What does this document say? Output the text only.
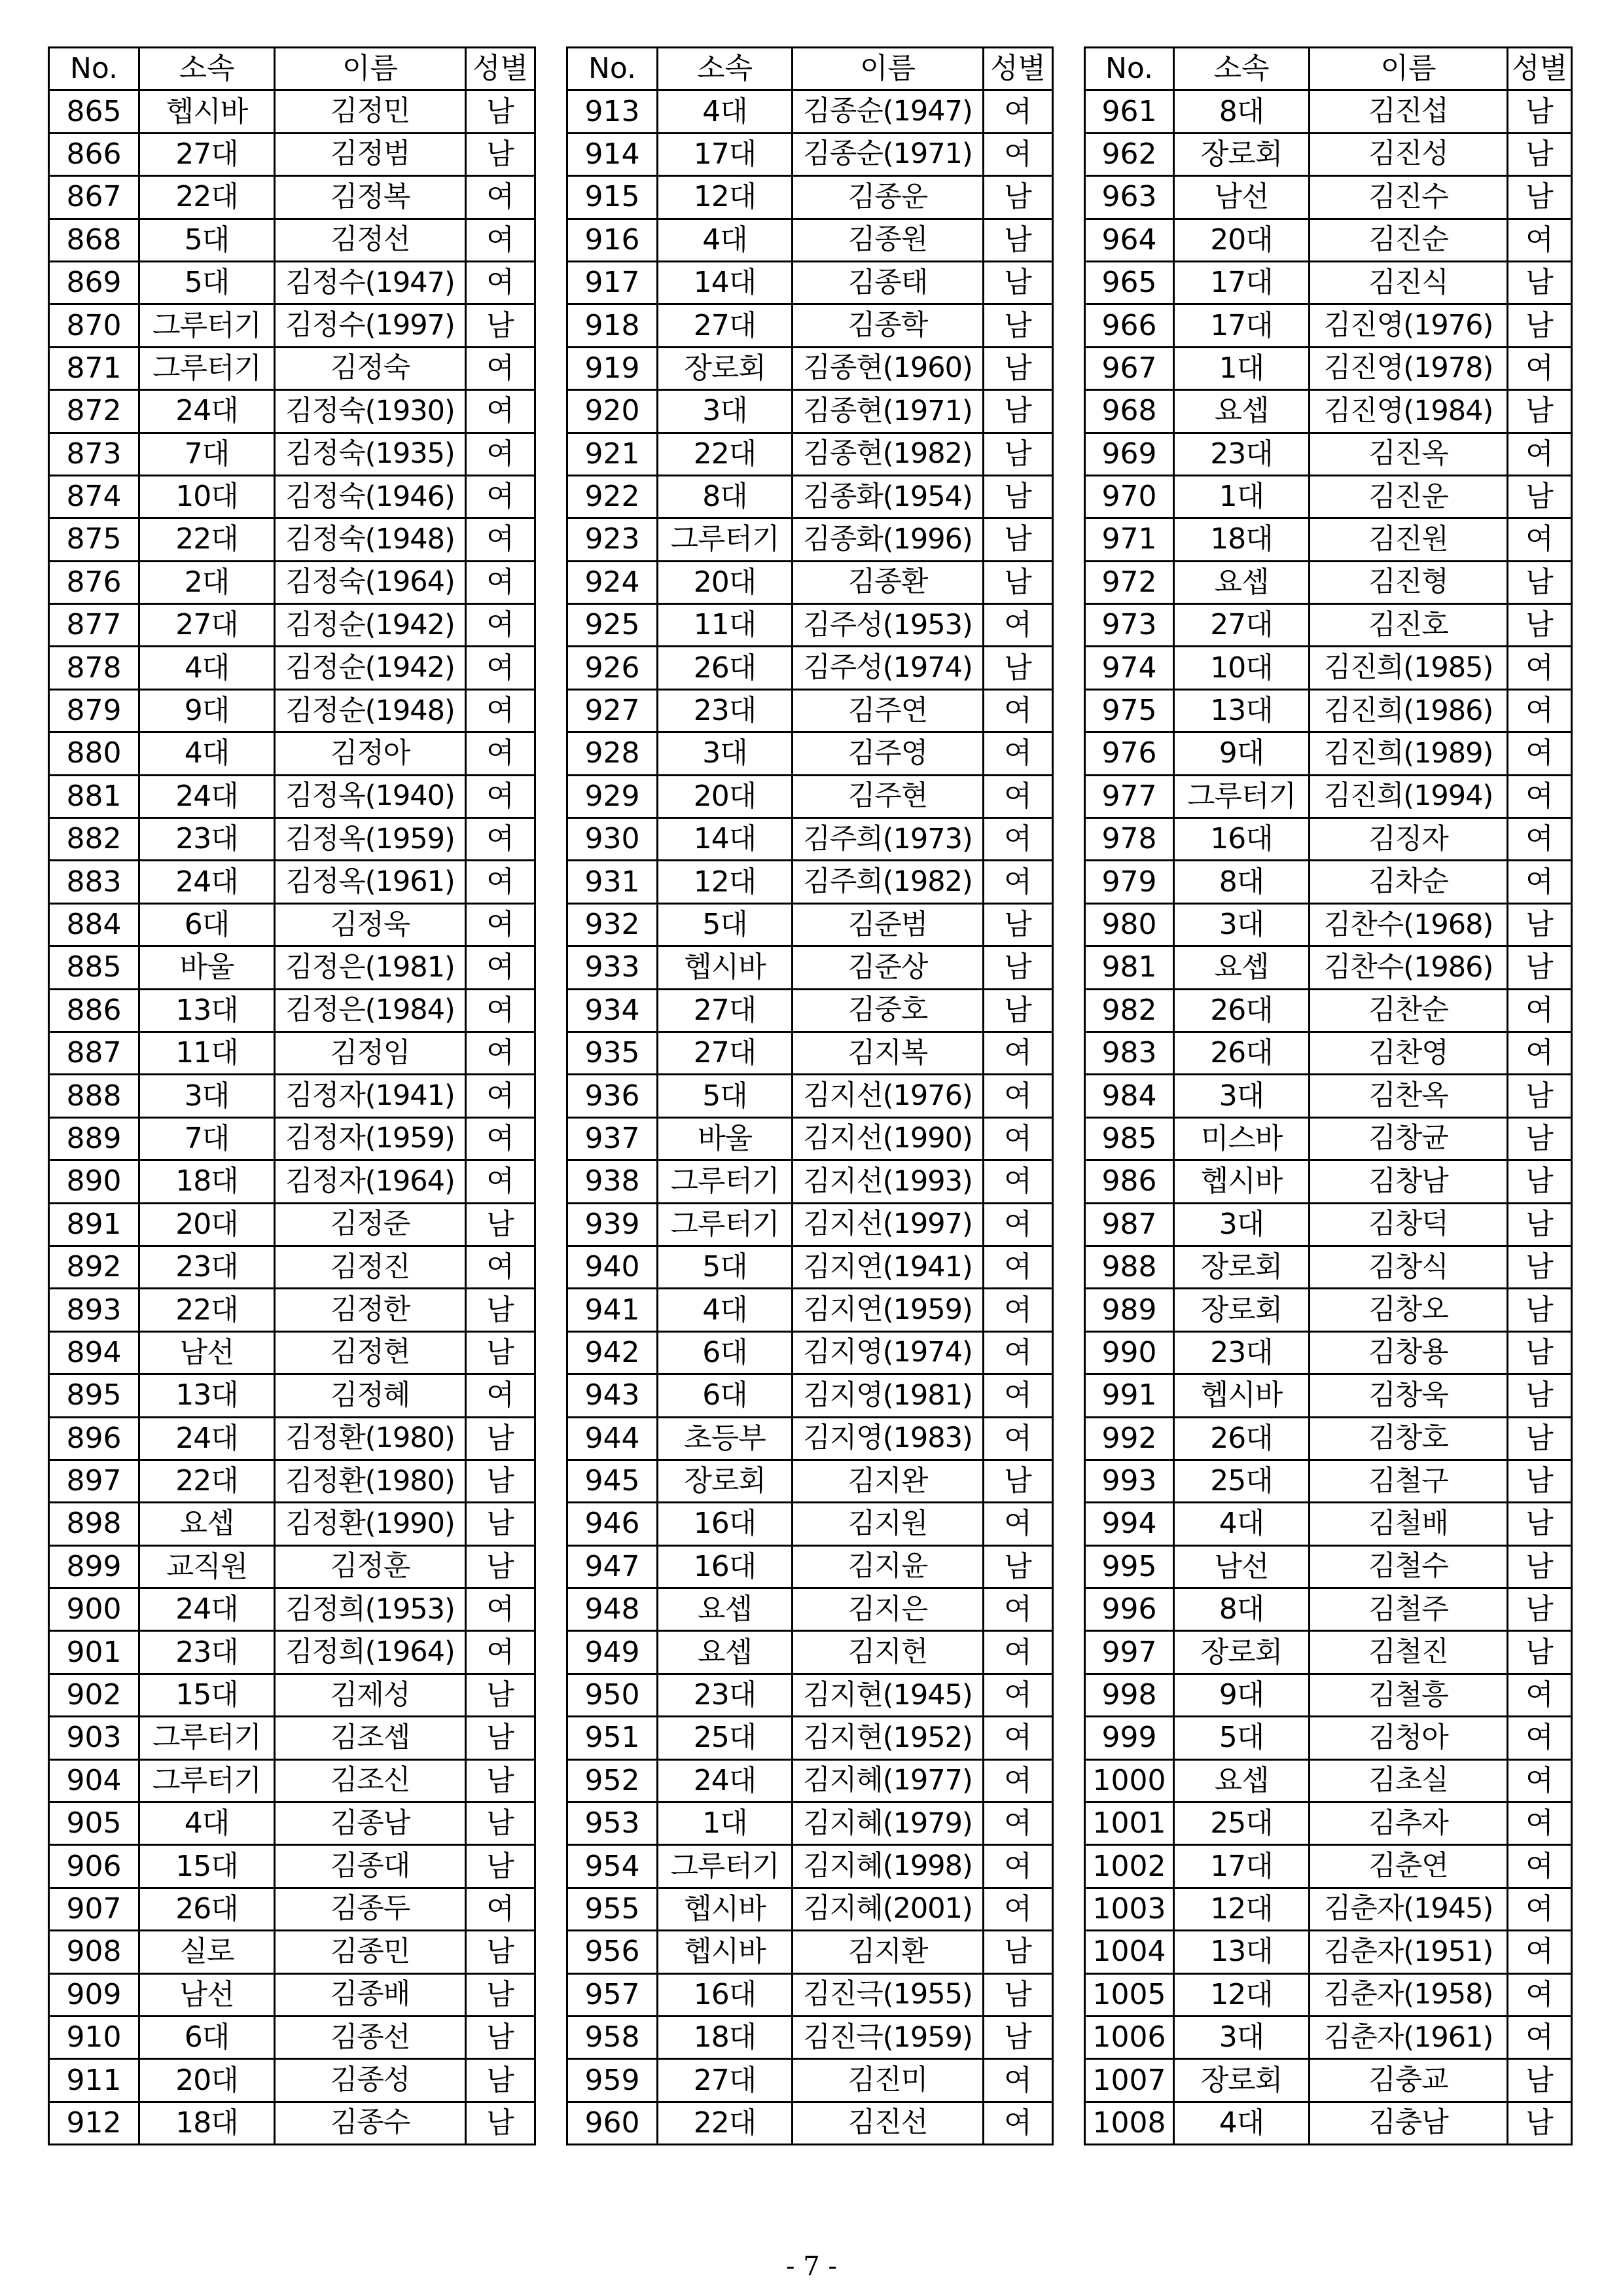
No.	소속	이름	성별
865	헵시바	김정민	남
866	27대	김정범	남
867	22대	김정복	여
868	5대	김정선	여
869	5대	김정수(1947)	여
870	그루터기	김정수(1997)	남
871	그루터기	김정숙	여
872	24대	김정숙(1930)	여
873	7대	김정숙(1935)	여
874	10대	김정숙(1946)	여
875	22대	김정숙(1948)	여
876	2대	김정숙(1964)	여
877	27대	김정순(1942)	여
878	4대	김정순(1942)	여
879	9대	김정순(1948)	여
880	4대	김정아	여
881	24대	김정옥(1940)	여
882	23대	김정옥(1959)	여
883	24대	김정옥(1961)	여
884	6대	김정욱	여
885	바울	김정은(1981)	여
886	13대	김정은(1984)	여
887	11대	김정임	여
888	3대	김정자(1941)	여
889	7대	김정자(1959)	여
890	18대	김정자(1964)	여
891	20대	김정준	남
892	23대	김정진	여
893	22대	김정한	남
894	남선	김정현	남
895	13대	김정혜	여
896	24대	김정환(1980)	남
897	22대	김정환(1980)	남
898	요셉	김정환(1990)	남
899	교직원	김정훈	남
900	24대	김정희(1953)	여
901	23대	김정희(1964)	여
902	15대	김제성	남
903	그루터기	김조셉	남
904	그루터기	김조신	남
905	4대	김종남	남
906	15대	김종대	남
907	26대	김종두	여
908	실로	김종민	남
909	남선	김종배	남
910	6대	김종선	남
911	20대	김종성	남
912	18대	김종수	남
No.	소속	이름	성별
913	4대	김종순(1947)	여
914	17대	김종순(1971)	여
915	12대	김종운	남
916	4대	김종원	남
917	14대	김종태	남
918	27대	김종학	남
919	장로회	김종현(1960)	남
920	3대	김종현(1971)	남
921	22대	김종현(1982)	남
922	8대	김종화(1954)	남
923	그루터기	김종화(1996)	남
924	20대	김종환	남
925	11대	김주성(1953)	여
926	26대	김주성(1974)	남
927	23대	김주연	여
928	3대	김주영	여
929	20대	김주현	여
930	14대	김주희(1973)	여
931	12대	김주희(1982)	여
932	5대	김준범	남
933	헵시바	김준상	남
934	27대	김중호	남
935	27대	김지복	여
936	5대	김지선(1976)	여
937	바울	김지선(1990)	여
938	그루터기	김지선(1993)	여
939	그루터기	김지선(1997)	여
940	5대	김지연(1941)	여
941	4대	김지연(1959)	여
942	6대	김지영(1974)	여
943	6대	김지영(1981)	여
944	초등부	김지영(1983)	여
945	장로회	김지완	남
946	16대	김지원	여
947	16대	김지윤	남
948	요셉	김지은	여
949	요셉	김지헌	여
950	23대	김지현(1945)	여
951	25대	김지현(1952)	여
952	24대	김지혜(1977)	여
953	1대	김지혜(1979)	여
954	그루터기	김지혜(1998)	여
955	헵시바	김지혜(2001)	여
956	헵시바	김지환	남
957	16대	김진극(1955)	남
958	18대	김진극(1959)	남
959	27대	김진미	여
960	22대	김진선	여
No.	소속	이름	성별
961	8대	김진섭	남
962	장로회	김진성	남
963	남선	김진수	남
964	20대	김진순	여
965	17대	김진식	남
966	17대	김진영(1976)	남
967	1대	김진영(1978)	여
968	요셉	김진영(1984)	남
969	23대	김진옥	여
970	1대	김진운	남
971	18대	김진원	여
972	요셉	김진형	남
973	27대	김진호	남
974	10대	김진희(1985)	여
975	13대	김진희(1986)	여
976	9대	김진희(1989)	여
977	그루터기	김진희(1994)	여
978	16대	김징자	여
979	8대	김차순	여
980	3대	김찬수(1968)	남
981	요셉	김찬수(1986)	남
982	26대	김찬순	여
983	26대	김찬영	여
984	3대	김찬옥	남
985	미스바	김창균	남
986	헵시바	김창남	남
987	3대	김창덕	남
988	장로회	김창식	남
989	장로회	김창오	남
990	23대	김창용	남
991	헵시바	김창욱	남
992	26대	김창호	남
993	25대	김철구	남
994	4대	김철배	남
995	남선	김철수	남
996	8대	김철주	남
997	장로회	김철진	남
998	9대	김철흥	여
999	5대	김청아	여
1000	요셉	김초실	여
1001	25대	김추자	여
1002	17대	김춘연	여
1003	12대	김춘자(1945)	여
1004	13대	김춘자(1951)	여
1005	12대	김춘자(1958)	여
1006	3대	김춘자(1961)	여
1007	장로회	김충교	남
1008	4대	김충남	남
- 7 -
